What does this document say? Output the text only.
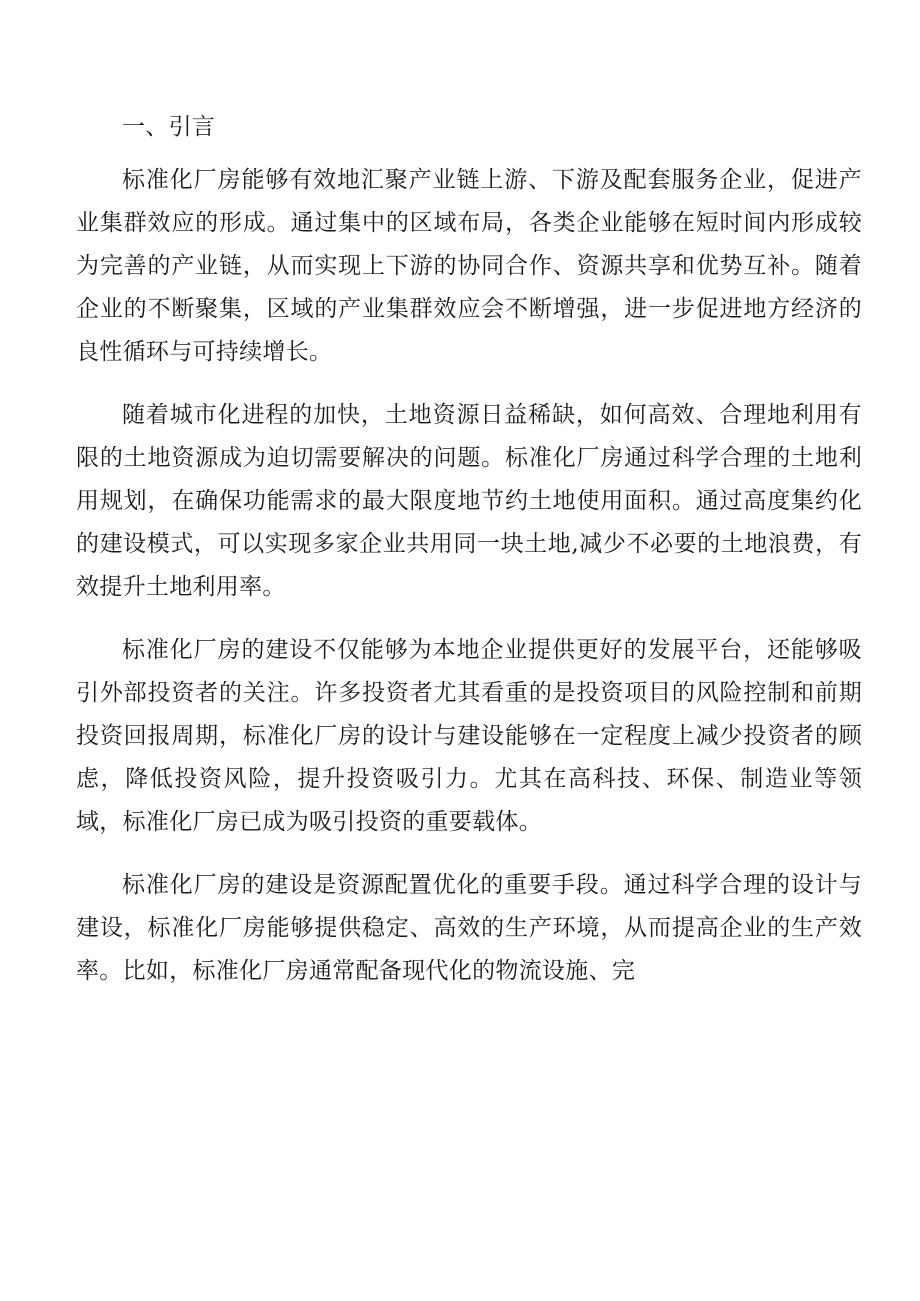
一、引言

标准化厂房能够有效地汇聚产业链上游、下游及配套服务企业，促进产业集群效应的形成。通过集中的区域布局，各类企业能够在短时间内形成较为完善的产业链，从而实现上下游的协同合作、资源共享和优势互补。随着企业的不断聚集，区域的产业集群效应会不断增强，进一步促进地方经济的良性循环与可持续增长。

随着城市化进程的加快，土地资源日益稀缺，如何高效、合理地利用有限的土地资源成为迫切需要解决的问题。标准化厂房通过科学合理的土地利用规划，在确保功能需求的最大限度地节约土地使用面积。通过高度集约化的建设模式，可以实现多家企业共用同一块土地,减少不必要的土地浪费，有效提升土地利用率。

标准化厂房的建设不仅能够为本地企业提供更好的发展平台，还能够吸引外部投资者的关注。许多投资者尤其看重的是投资项目的风险控制和前期投资回报周期，标准化厂房的设计与建设能够在一定程度上减少投资者的顾虑，降低投资风险，提升投资吸引力。尤其在高科技、环保、制造业等领域，标准化厂房已成为吸引投资的重要载体。

标准化厂房的建设是资源配置优化的重要手段。通过科学合理的设计与建设，标准化厂房能够提供稳定、高效的生产环境，从而提高企业的生产效率。比如，标准化厂房通常配备现代化的物流设施、完
